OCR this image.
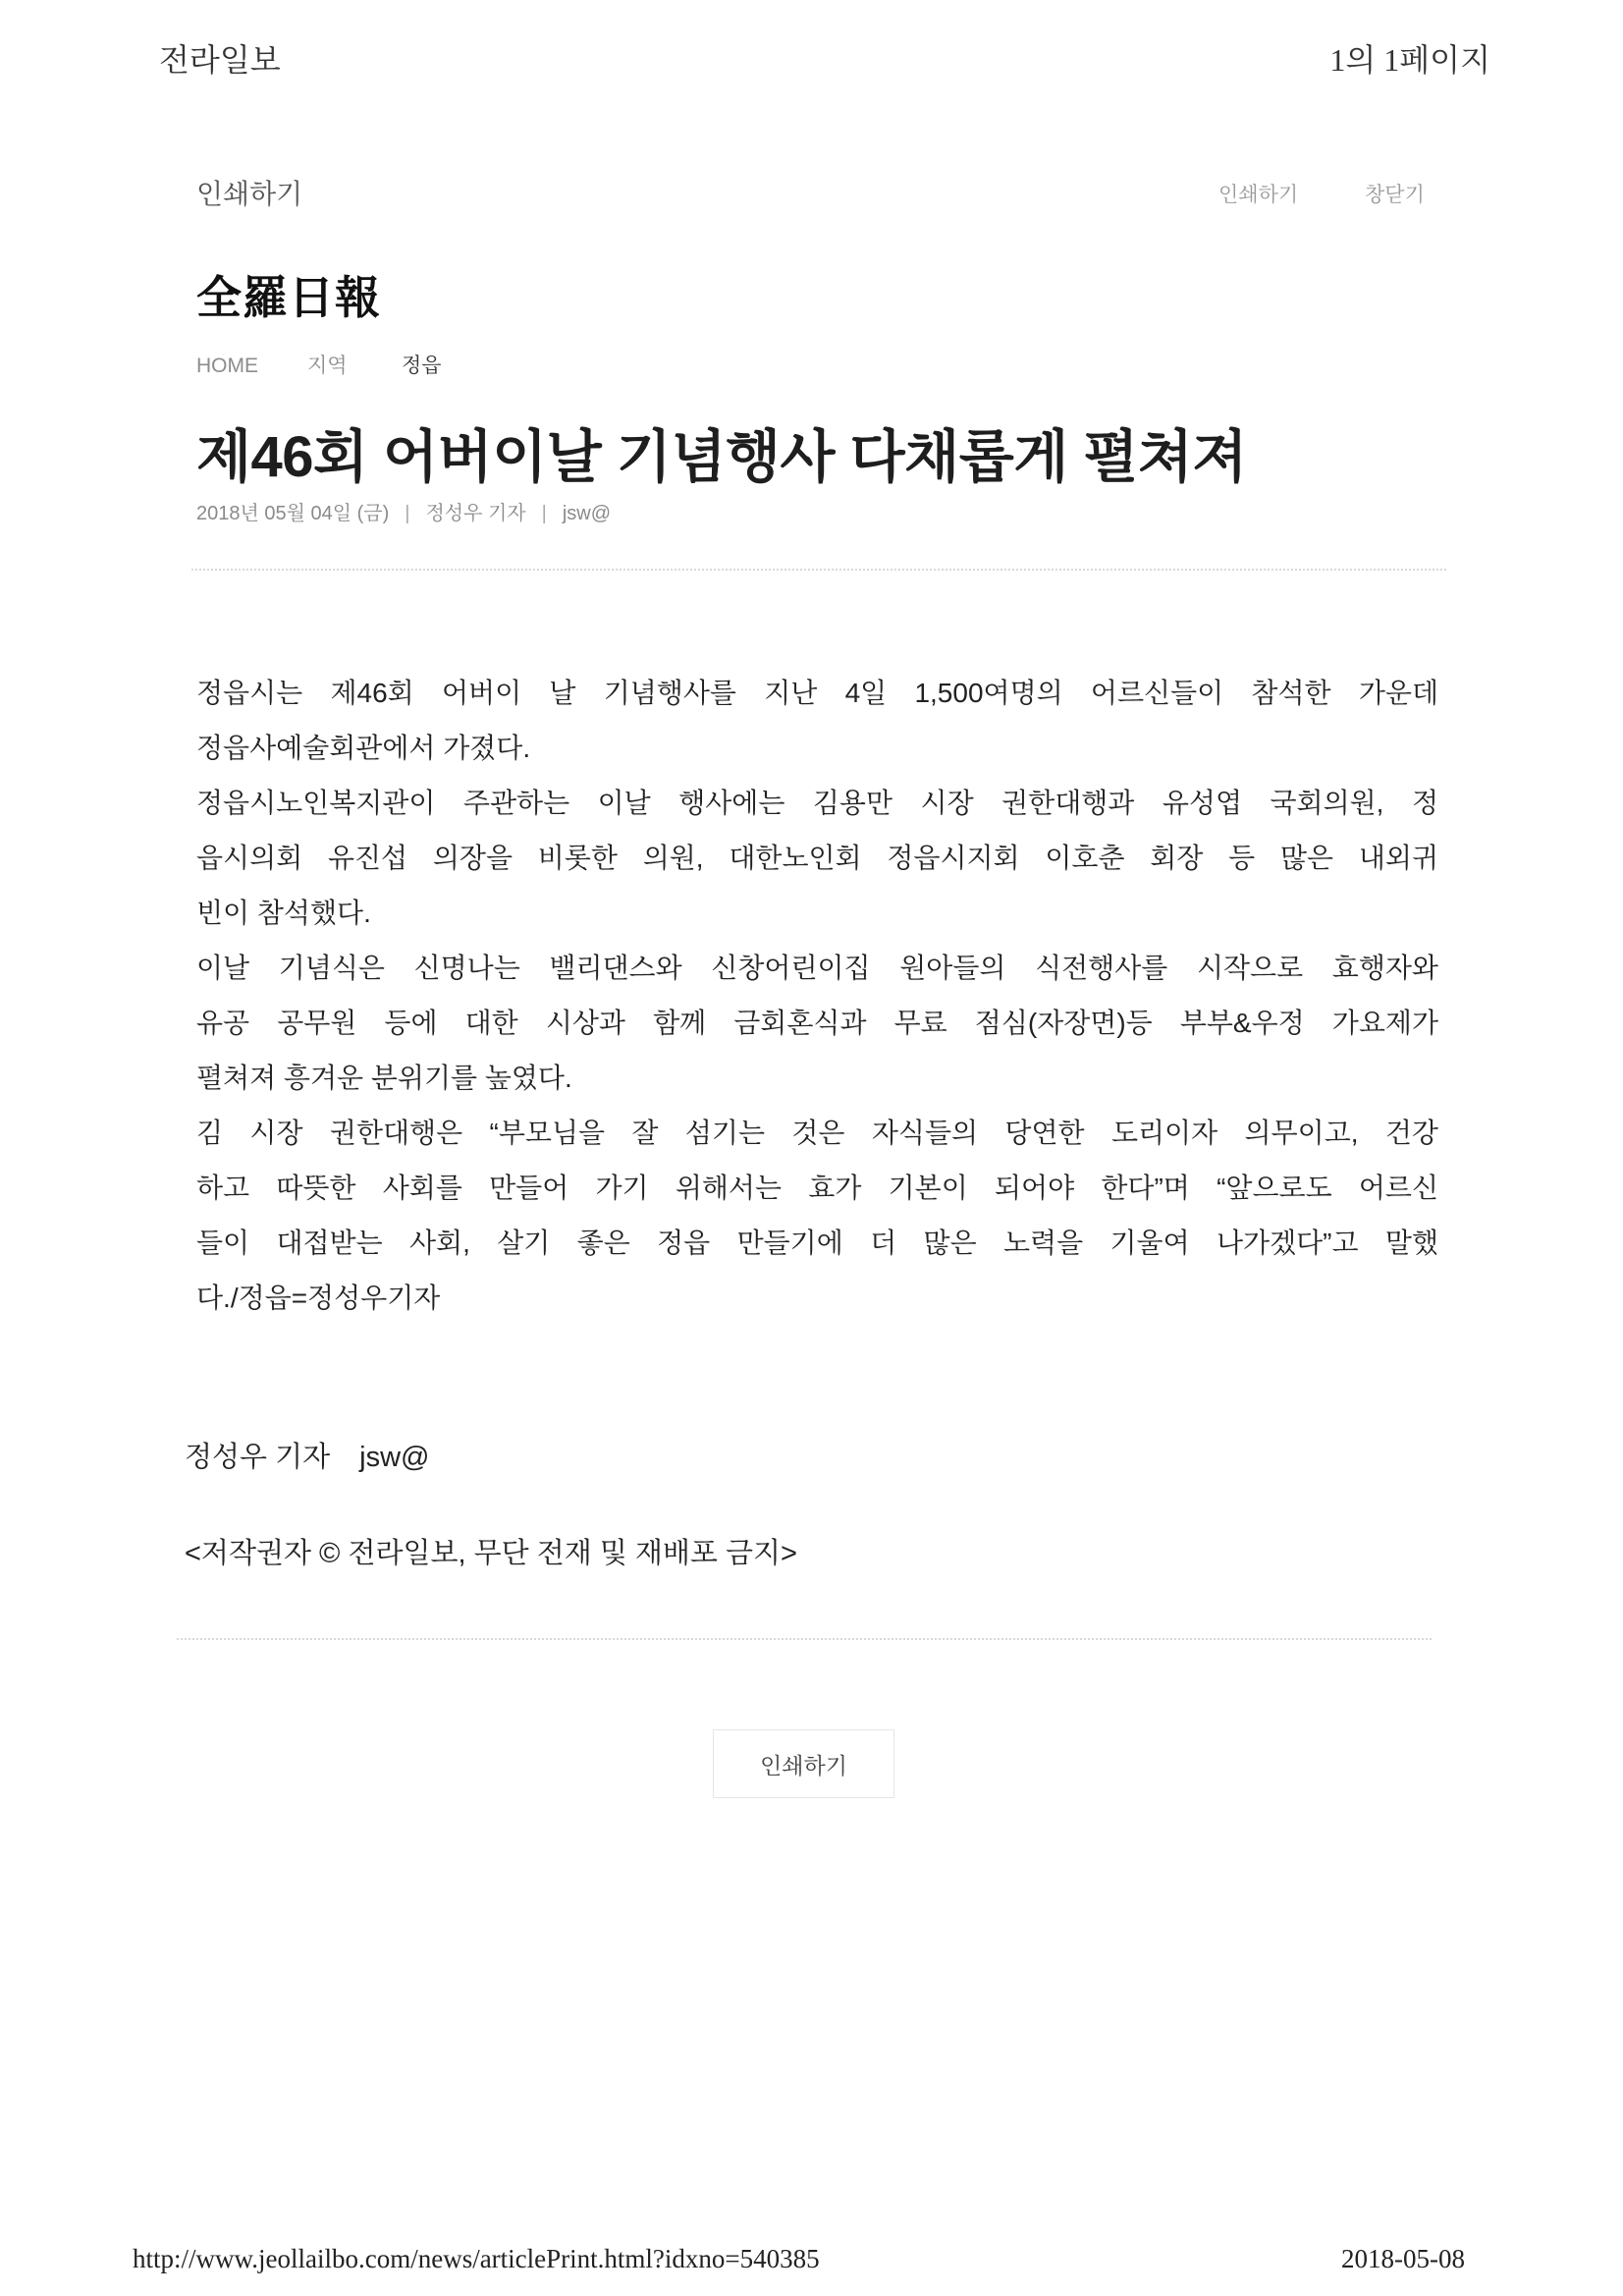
전라일보	1의 1페이지
인쇄하기	인쇄하기	창닫기
全羅日報
HOME 지역	정읍
제46회 어버이날 기념행사 다채롭게 펼쳐져
2018년 05월 04일 (금) | 정성우 기자 | jsw@
정읍시는 제46회 어버이 날 기념행사를 지난 4일 1,500여명의 어르신들이 참석한 가운데
정읍사예술회관에서 가졌다.
정읍시노인복지관이 주관하는 이날 행사에는 김용만 시장 권한대행과 유성엽 국회의원, 정
읍시의회 유진섭 의장을 비롯한 의원, 대한노인회 정읍시지회 이호춘 회장 등 많은 내외귀
빈이 참석했다.
이날 기념식은 신명나는 밸리댄스와 신창어린이집 원아들의 식전행사를 시작으로 효행자와
유공 공무원 등에 대한 시상과 함께 금회혼식과 무료 점심(자장면)등 부부&우정 가요제가
펼쳐져 흥겨운 분위기를 높였다.
김 시장 권한대행은 “부모님을 잘 섬기는 것은 자식들의 당연한 도리이자 의무이고, 건강
하고 따뜻한 사회를 만들어 가기 위해서는 효가 기본이 되어야 한다”며 “앞으로도 어르신
들이 대접받는 사회, 살기 좋은 정읍 만들기에 더 많은 노력을 기울여 나가겠다”고 말했
다./정읍=정성우기자
정성우 기자 jsw@
<저작권자 © 전라일보, 무단 전재 및 재배포 금지>
인쇄하기
http://www.jeollailbo.com/news/articlePrint.html?idxno=540385	2018-05-08
